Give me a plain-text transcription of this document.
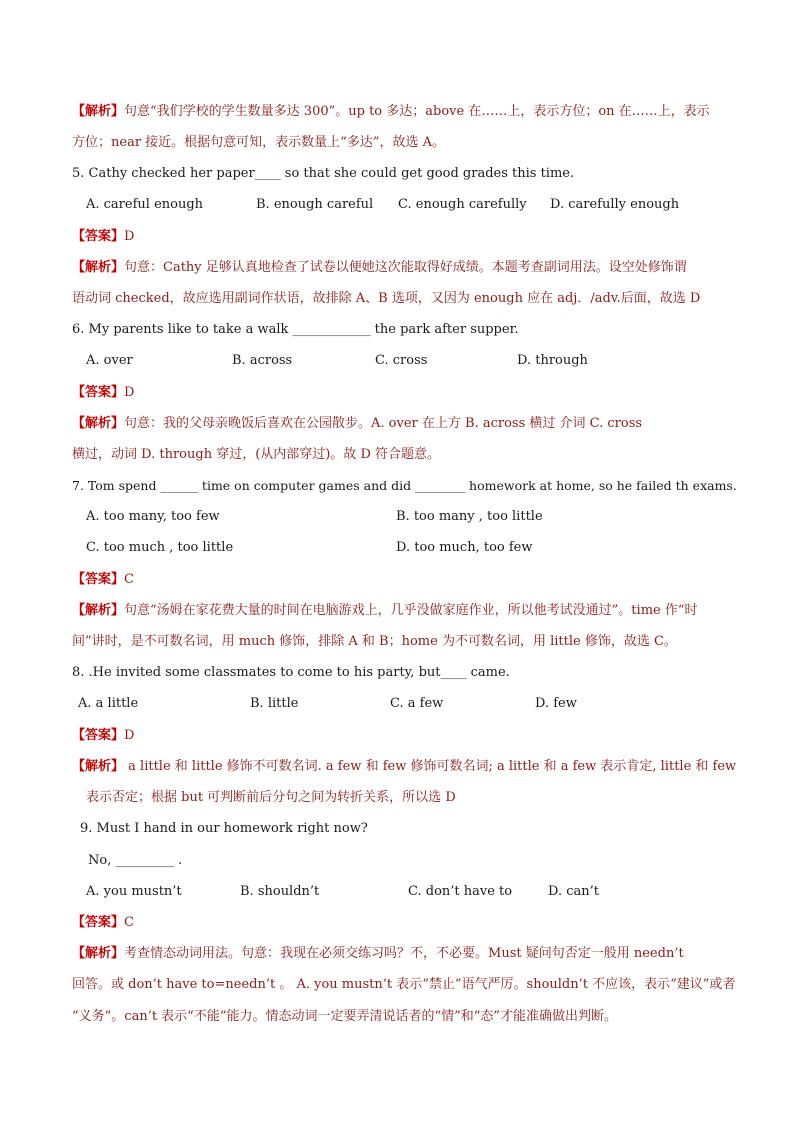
【解析】句意“我们学校的学生数量多达 300”。up to 多达；above 在……上，表示方位；on 在……上，表示
方位；near 接近。根据句意可知，表示数量上“多达”，故选 A。
5. Cathy checked her paper____ so that she could get good grades this time.
A. careful enough	B. enough careful C. enough carefully D. carefully enough
【答案】D
【解析】句意：Cathy 足够认真地检查了试卷以便她这次能取得好成绩。本题考查副词用法。设空处修饰谓
语动词 checked，故应选用副词作状语，故排除 A、B 选项，又因为 enough 应在 adj．/adv.后面，故选 D
6. My parents like to take a walk ____________ the park after supper.
A. over	B. across	C. cross	D. through
【答案】D
【解析】句意：我的父母亲晚饭后喜欢在公园散步。A. over 在上方 B. across 横过 介词 C. cross
横过，动词 D. through 穿过，(从内部穿过)。故 D 符合题意。
7. Tom spend ______ time on computer games and did ________ homework at home, so he failed th exams.
A. too many, too few	B. too many , too little
C. too much , too little	D. too much, too few
【答案】C
【解析】句意“汤姆在家花费大量的时间在电脑游戏上，几乎没做家庭作业，所以他考试没通过”。time 作“时
间”讲时，是不可数名词，用 much 修饰，排除 A 和 B；home 为不可数名词，用 little 修饰，故选 C。
8. .He invited some classmates to come to his party, but____ came.
A. a little	B. little	C. a few	D. few
【答案】D
【解析】 a little 和 little 修饰不可数名词. a few 和 few 修饰可数名词; a little 和 a few 表示肯定, little 和 few
表示否定；根据 but 可判断前后分句之间为转折关系，所以选 D
9. Must I hand in our homework right now?
No, _________ .
A. you mustn’t	B. shouldn’t	C. don’t have to	D. can’t
【答案】C
【解析】考查情态动词用法。句意：我现在必须交练习吗？不，不必要。Must 疑问句否定一般用 needn’t
回答。或 don’t have to=needn’t 。 A. you mustn’t 表示“禁止”语气严厉。shouldn’t 不应该，表示“建议”或者
“义务”。can’t 表示“不能”能力。情态动词一定要弄清说话者的“情”和“态”才能准确做出判断。
